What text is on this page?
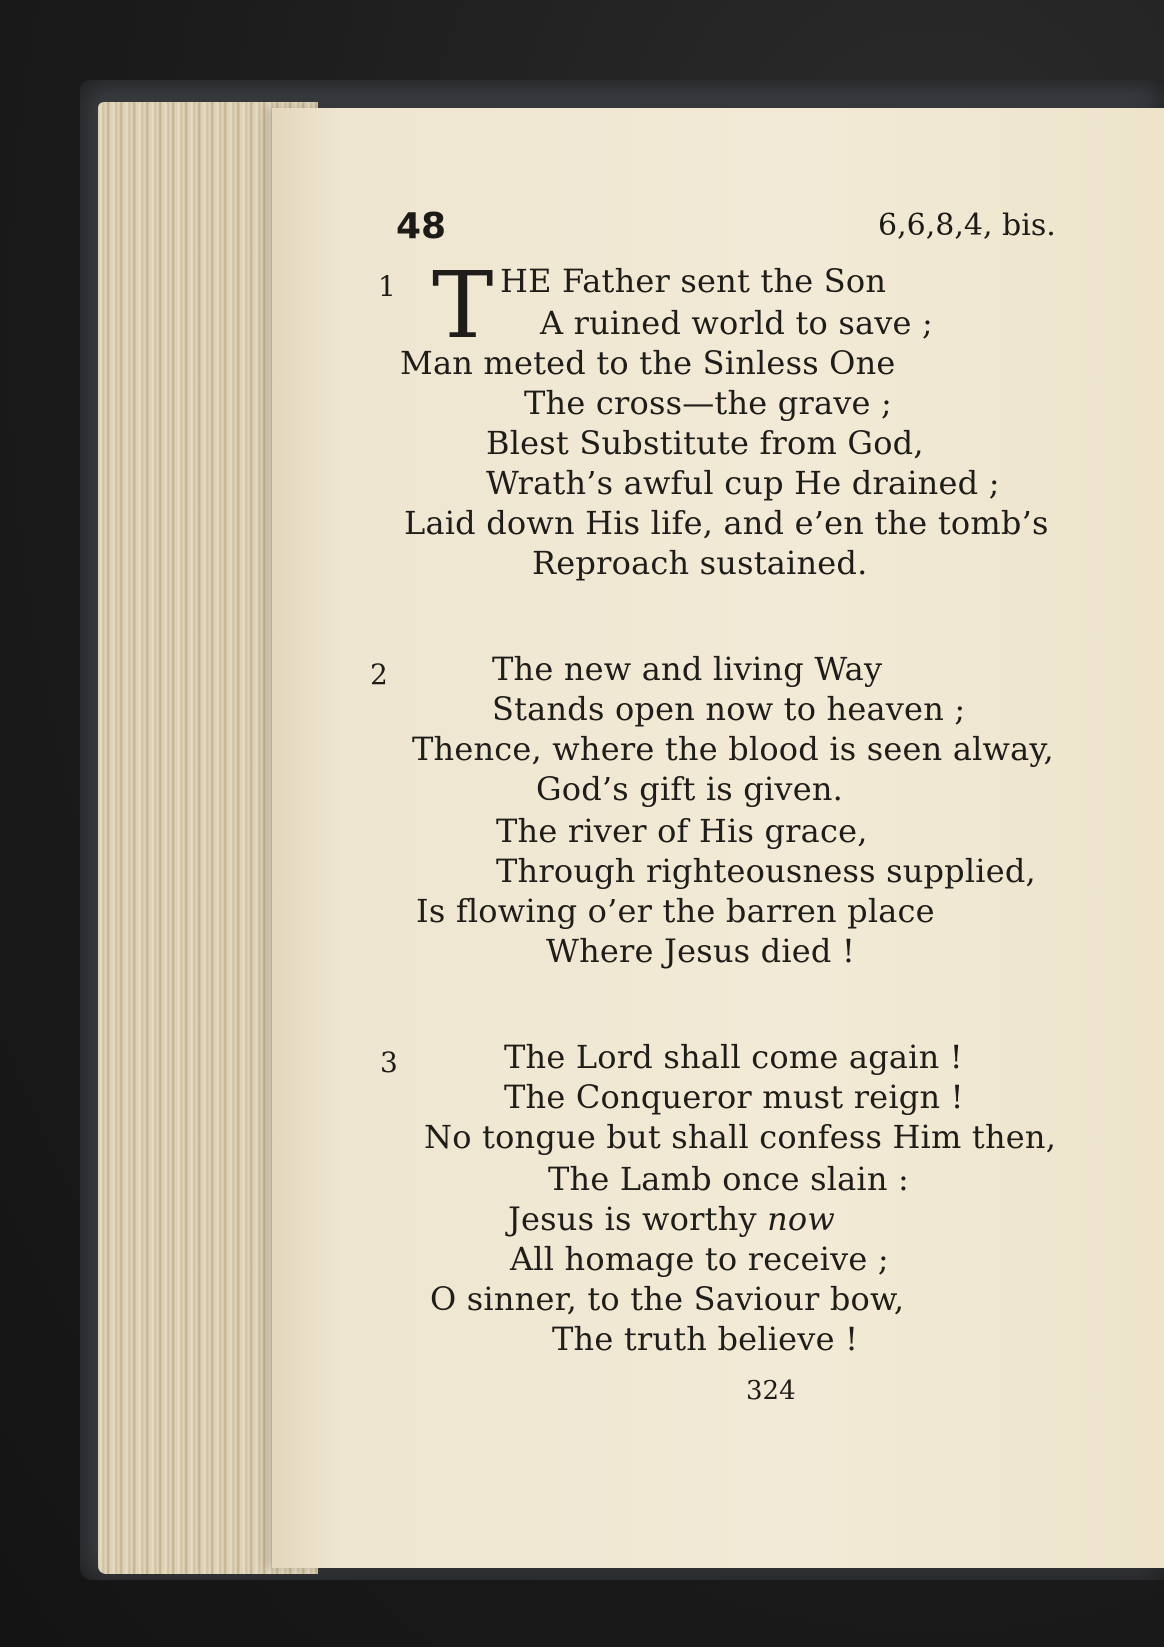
48	6,6,8,4, bis.
1 T HE Father sent the Son
A ruined world to save ;
Man meted to the Sinless One
The cross—the grave ;
Blest Substitute from God,
Wrath’s awful cup He drained ;
Laid down His life, and e’en the tomb’s
Reproach sustained.
2	The new and living Way
Stands open now to heaven ;
Thence, where the blood is seen alway,
God’s gift is given.
The river of His grace,
Through righteousness supplied,
Is flowing o’er the barren place
Where Jesus died !
3	The Lord shall come again !
The Conqueror must reign !
No tongue but shall confess Him then,
The Lamb once slain :
Jesus is worthy now
All homage to receive ;
O sinner, to the Saviour bow,
The truth believe !
324
